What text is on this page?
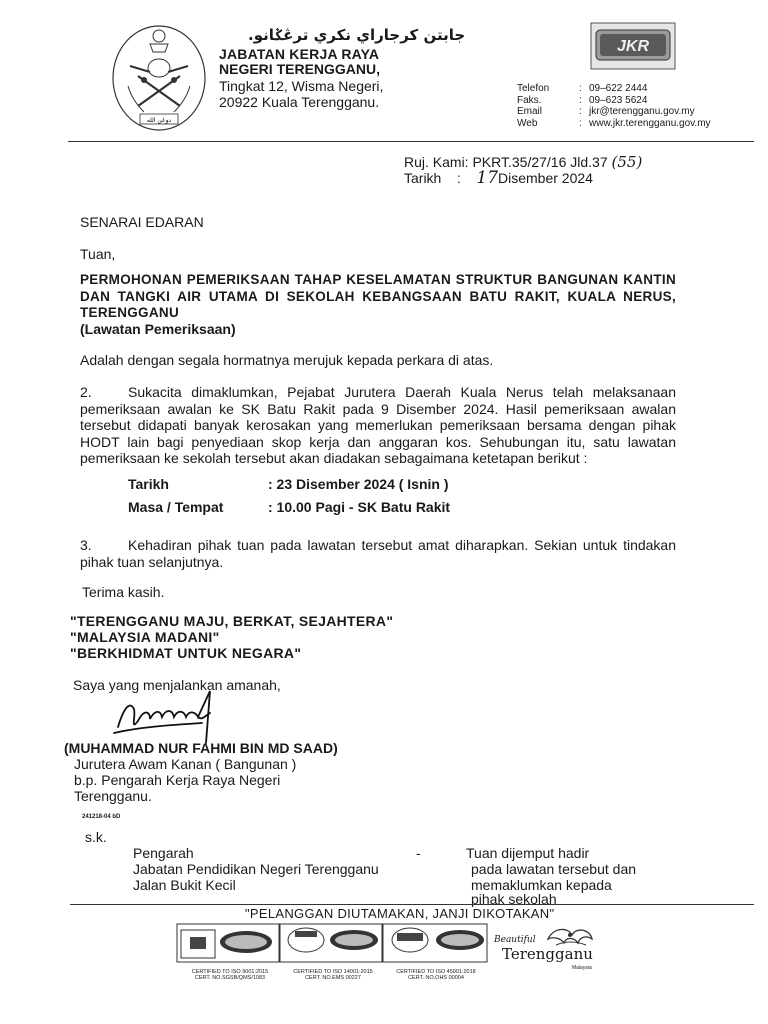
دوڠن الله
جابتن كرجاراي نكري ترڠݢانو.
JABATAN KERJA RAYA
NEGERI TERENGGANU,
Tingkat 12, Wisma Negeri,
20922 Kuala Terengganu.
JKR
Telefon	: 09–622 2444
Faks.	: 09–623 5624
Email	: jkr@terengganu.gov.my
Web	: www.jkr.terengganu.gov.my
Ruj. Kami: PKRT.35/27/16 Jld.37 (55)
Tarikh : 17Disember 2024
SENARAI EDARAN
Tuan,
PERMOHONAN PEMERIKSAAN TAHAP KESELAMATAN STRUKTUR BANGUNAN KANTIN DAN TANGKI AIR UTAMA DI SEKOLAH KEBANGSAAN BATU RAKIT, KUALA NERUS, TERENGGANU
(Lawatan Pemeriksaan)
Adalah dengan segala hormatnya merujuk kepada perkara di atas.
2.	Sukacita dimaklumkan, Pejabat Jurutera Daerah Kuala Nerus telah melaksanaan pemeriksaan awalan ke SK Batu Rakit pada 9 Disember 2024. Hasil pemeriksaan awalan tersebut didapati banyak kerosakan yang memerlukan pemeriksaan bersama dengan pihak HODT lain bagi penyediaan skop kerja dan anggaran kos. Sehubungan itu, satu lawatan pemeriksaan ke sekolah tersebut akan diadakan sebagaimana ketetapan berikut :
Tarikh	: 23 Disember 2024 ( Isnin )
Masa / Tempat	: 10.00 Pagi - SK Batu Rakit
3.	Kehadiran pihak tuan pada lawatan tersebut amat diharapkan. Sekian untuk tindakan pihak tuan selanjutnya.
Terima kasih.
"TERENGGANU MAJU, BERKAT, SEJAHTERA"
"MALAYSIA MADANI"
"BERKHIDMAT UNTUK NEGARA"
Saya yang menjalankan amanah,
(MUHAMMAD NUR FAHMI BIN MD SAAD)
Jurutera Awam Kanan ( Bangunan )
b.p. Pengarah Kerja Raya Negeri
Terengganu.
241218-04 bD
s.k.
Pengarah
Jabatan Pendidikan Negeri Terengganu
Jalan Bukit Kecil
-	Tuan dijemput hadir
pada lawatan tersebut dan
memaklumkan kepada
pihak sekolah
"PELANGGAN DIUTAMAKAN, JANJI DIKOTAKAN"
CERTIFIED TO ISO 9001:2015
CERT. NO.SGSB/QMS/1083
CERTIFIED TO ISO 14001:2015
CERT. NO.EMS 00227
CERTIFIED TO ISO 45001:2018
CERT. NO.OHS 00004
Beautiful
Terengganu
Malaysia
